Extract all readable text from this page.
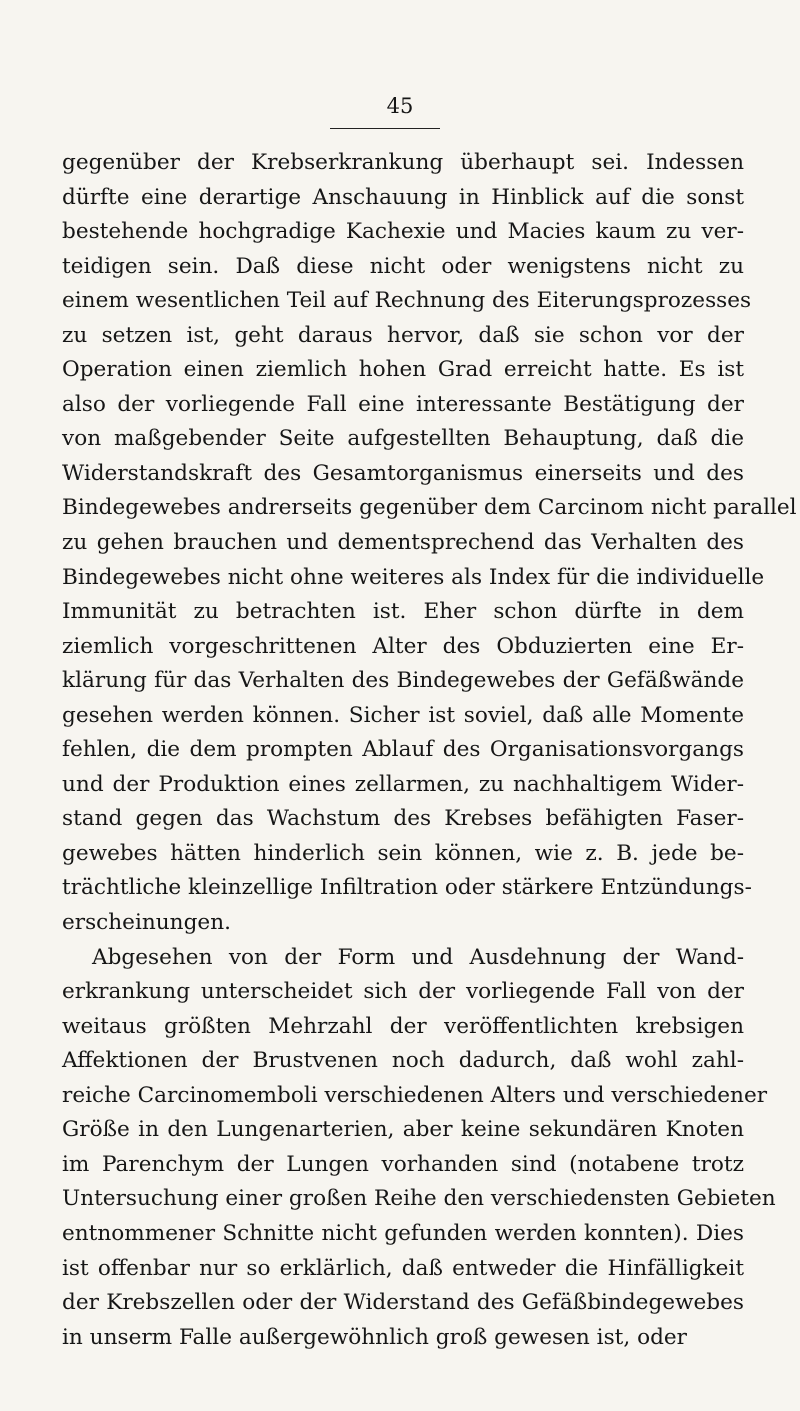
45
gegenüber der Krebserkrankung überhaupt sei. Indessen
dürfte eine derartige Anschauung in Hinblick auf die sonst
bestehende hochgradige Kachexie und Macies kaum zu ver-
teidigen sein. Daß diese nicht oder wenigstens nicht zu
einem wesentlichen Teil auf Rechnung des Eiterungsprozesses
zu setzen ist, geht daraus hervor, daß sie schon vor der
Operation einen ziemlich hohen Grad erreicht hatte. Es ist
also der vorliegende Fall eine interessante Bestätigung der
von maßgebender Seite aufgestellten Behauptung, daß die
Widerstandskraft des Gesamtorganismus einerseits und des
Bindegewebes andrerseits gegenüber dem Carcinom nicht parallel
zu gehen brauchen und dementsprechend das Verhalten des
Bindegewebes nicht ohne weiteres als Index für die individuelle
Immunität zu betrachten ist. Eher schon dürfte in dem
ziemlich vorgeschrittenen Alter des Obduzierten eine Er-
klärung für das Verhalten des Bindegewebes der Gefäßwände
gesehen werden können. Sicher ist soviel, daß alle Momente
fehlen, die dem prompten Ablauf des Organisationsvorgangs
und der Produktion eines zellarmen, zu nachhaltigem Wider-
stand gegen das Wachstum des Krebses befähigten Faser-
gewebes hätten hinderlich sein können, wie z. B. jede be-
trächtliche kleinzellige Infiltration oder stärkere Entzündungs-
erscheinungen.
Abgesehen von der Form und Ausdehnung der Wand-
erkrankung unterscheidet sich der vorliegende Fall von der
weitaus größten Mehrzahl der veröffentlichten krebsigen
Affektionen der Brustvenen noch dadurch, daß wohl zahl-
reiche Carcinomemboli verschiedenen Alters und verschiedener
Größe in den Lungenarterien, aber keine sekundären Knoten
im Parenchym der Lungen vorhanden sind (notabene trotz
Untersuchung einer großen Reihe den verschiedensten Gebieten
entnommener Schnitte nicht gefunden werden konnten). Dies
ist offenbar nur so erklärlich, daß entweder die Hinfälligkeit
der Krebszellen oder der Widerstand des Gefäßbindegewebes
in unserm Falle außergewöhnlich groß gewesen ist, oder
